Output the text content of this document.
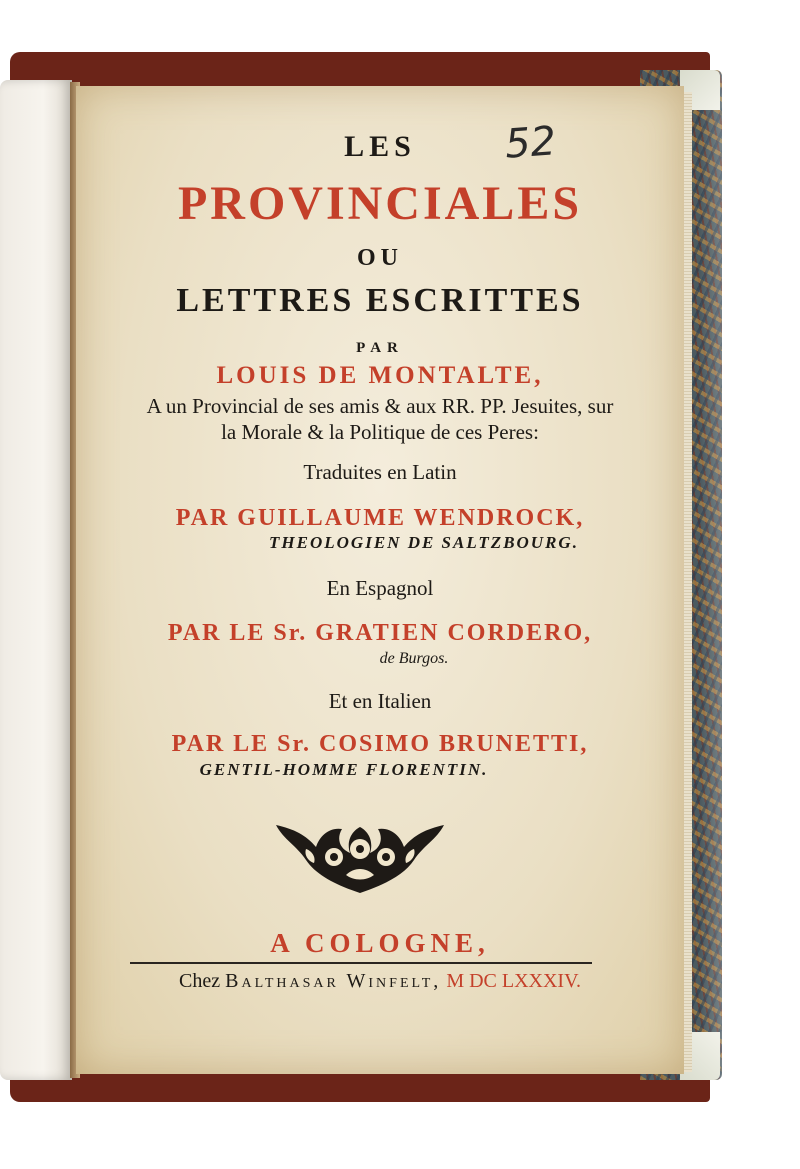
52
LES
PROVINCIALES
OU
LETTRES ESCRITTES
PAR
LOUIS DE MONTALTE,
A un Provincial de ses amis & aux RR. PP. Jesuites, sur
la Morale & la Politique de ces Peres:
Traduites en Latin
PAR GUILLAUME WENDROCK,
THEOLOGIEN DE SALTZBOURG.
En Espagnol
PAR LE Sr. GRATIEN CORDERO,
de Burgos.
Et en Italien
PAR LE Sr. COSIMO BRUNETTI,
GENTIL-HOMME FLORENTIN.
A COLOGNE,
Chez Balthasar Winfelt, M DC LXXXIV.
